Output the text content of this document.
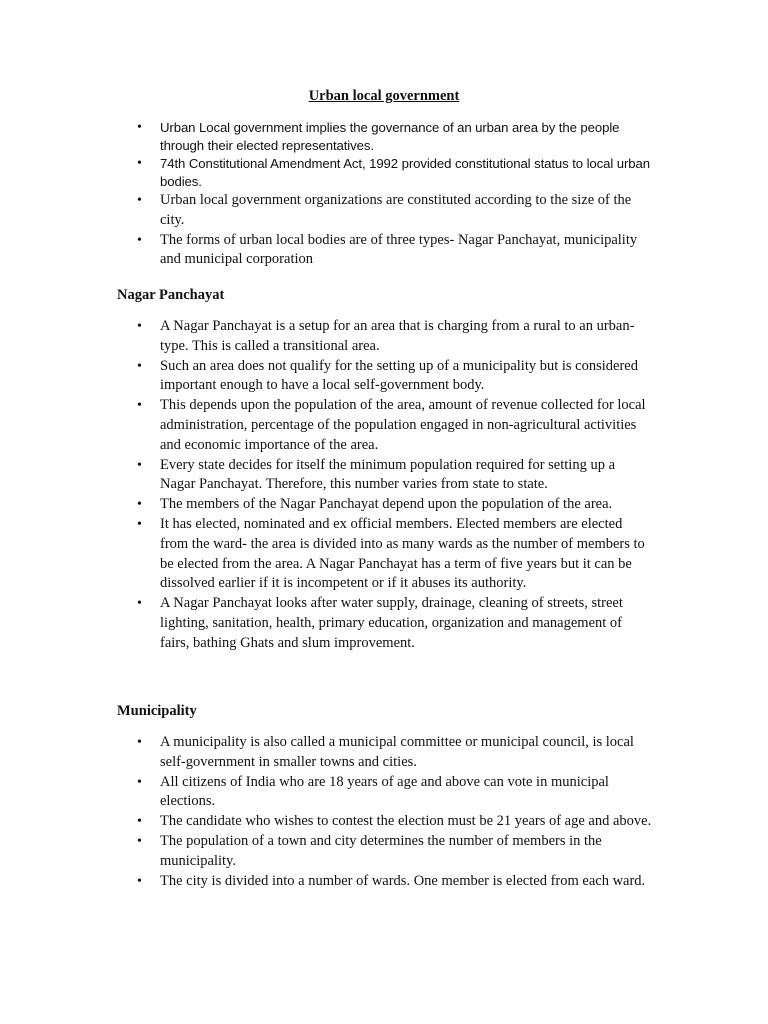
Urban local government
• Urban Local government implies the governance of an urban area by the people through their elected representatives.
• 74th Constitutional Amendment Act, 1992 provided constitutional status to local urban bodies.
• Urban local government organizations are constituted according to the size of the city.
• The forms of urban local bodies are of three types- Nagar Panchayat, municipality and municipal corporation
Nagar Panchayat
• A Nagar Panchayat is a setup for an area that is charging from a rural to an urban-type. This is called a transitional area.
• Such an area does not qualify for the setting up of a municipality but is considered important enough to have a local self-government body.
• This depends upon the population of the area, amount of revenue collected for local administration, percentage of the population engaged in non-agricultural activities and economic importance of the area.
• Every state decides for itself the minimum population required for setting up a Nagar Panchayat. Therefore, this number varies from state to state.
• The members of the Nagar Panchayat depend upon the population of the area.
• It has elected, nominated and ex official members. Elected members are elected from the ward- the area is divided into as many wards as the number of members to be elected from the area. A Nagar Panchayat has a term of five years but it can be dissolved earlier if it is incompetent or if it abuses its authority.
• A Nagar Panchayat looks after water supply, drainage, cleaning of streets, street lighting, sanitation, health, primary education, organization and management of fairs, bathing Ghats and slum improvement.
Municipality
• A municipality is also called a municipal committee or municipal council, is local self-government in smaller towns and cities.
• All citizens of India who are 18 years of age and above can vote in municipal elections.
• The candidate who wishes to contest the election must be 21 years of age and above.
• The population of a town and city determines the number of members in the municipality.
• The city is divided into a number of wards. One member is elected from each ward.
